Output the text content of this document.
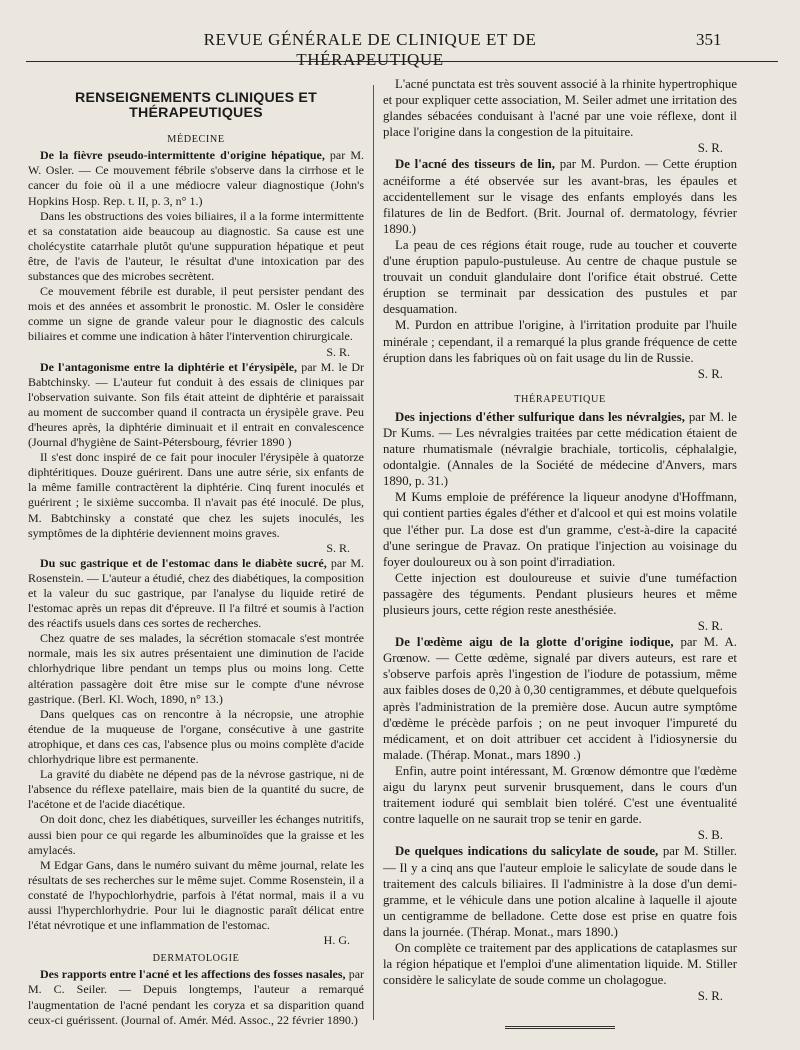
REVUE GÉNÉRALE DE CLINIQUE ET DE THÉRAPEUTIQUE
351
RENSEIGNEMENTS CLINIQUES ET THÉRAPEUTIQUES
MÉDECINE

De la fièvre pseudo-intermittente d'origine hépatique, par M. W. Osler. — Ce mouvement fébrile s'observe dans la cirrhose et le cancer du foie où il a une médiocre valeur diagnostique (John's Hopkins Hosp. Rep. t. II, p. 3, n° 1.)

Dans les obstructions des voies biliaires, il a la forme intermittente et sa constatation aide beaucoup au diagnostic. Sa cause est une cholécystite catarrhale plutôt qu'une suppuration hépatique et peut être, de l'avis de l'auteur, le résultat d'une intoxication par des substances que des microbes secrètent.

Ce mouvement fébrile est durable, il peut persister pendant des mois et des années et assombrit le pronostic. M. Osler le considère comme un signe de grande valeur pour le diagnostic des calculs biliaires et comme une indication à hâter l'intervention chirurgicale.

S. R.

De l'antagonisme entre la diphtérie et l'érysipèle, par M. le Dr Babtchinsky. — L'auteur fut conduit à des essais de cliniques par l'observation suivante. Son fils était atteint de diphtérie et paraissait au moment de succomber quand il contracta un érysipèle grave. Peu d'heures après, la diphtérie diminuait et il entrait en convalescence (Journal d'hygiène de Saint-Pétersbourg, février 1890 )

Il s'est donc inspiré de ce fait pour inoculer l'érysipèle à quatorze diphtéritiques. Douze guérirent. Dans une autre série, six enfants de la même famille contractèrent la diphtérie. Cinq furent inoculés et guérirent ; le sixième succomba. Il n'avait pas été inoculé. De plus, M. Babtchinsky a constaté que chez les sujets inoculés, les symptômes de la diphtérie deviennent moins graves.

S. R.

Du suc gastrique et de l'estomac dans le diabète sucré, par M. Rosenstein. — L'auteur a étudié, chez des diabétiques, la composition et la valeur du suc gastrique, par l'analyse du liquide retiré de l'estomac après un repas dit d'épreuve. Il l'a filtré et soumis à l'action des réactifs usuels dans ces sortes de recherches.

Chez quatre de ses malades, la sécrétion stomacale s'est montrée normale, mais les six autres présentaient une diminution de l'acide chlorhydrique libre pendant un temps plus ou moins long. Cette altération passagère doit être mise sur le compte d'une névrose gastrique. (Berl. Kl. Woch, 1890, n° 13.)

Dans quelques cas on rencontre à la nécropsie, une atrophie étendue de la muqueuse de l'organe, consécutive à une gastrite atrophique, et dans ces cas, l'absence plus ou moins complète d'acide chlorhydrique libre est permanente.

La gravité du diabète ne dépend pas de la névrose gastrique, ni de l'absence du réflexe patellaire, mais bien de la quantité du sucre, de l'acétone et de l'acide diacétique.

On doit donc, chez les diabétiques, surveiller les échanges nutritifs, aussi bien pour ce qui regarde les albuminoïdes que la graisse et les amylacés.

M Edgar Gans, dans le numéro suivant du même journal, relate les résultats de ses recherches sur le même sujet. Comme Rosenstein, il a constaté de l'hypochlorhydrie, parfois à l'état normal, mais il a vu aussi l'hyperchlorhydrie. Pour lui le diagnostic paraît délicat entre l'état névrotique et une inflammation de l'estomac.

H. G.
DERMATOLOGIE

Des rapports entre l'acné et les affections des fosses nasales, par M. C. Seiler. — Depuis longtemps, l'auteur a remarqué l'augmentation de l'acné pendant les coryza et sa disparition quand ceux-ci guérissent. (Journal of. Amér. Méd. Assoc., 22 février 1890.)

L'acné punctata est très souvent associé à la rhinite hypertrophique et pour expliquer cette association, M. Seiler admet une irritation des glandes sébacées conduisant à l'acné par une voie réflexe, dont il place l'origine dans la congestion de la pituitaire.

S. R.

De l'acné des tisseurs de lin, par M. Purdon. — Cette éruption acnéiforme a été observée sur les avant-bras, les épaules et accidentellement sur le visage des enfants employés dans les filatures de lin de Bedfort. (Brit. Journal of. dermatology, février 1890.)

La peau de ces régions était rouge, rude au toucher et couverte d'une éruption papulo-pustuleuse. Au centre de chaque pustule se trouvait un conduit glandulaire dont l'orifice était obstrué. Cette éruption se terminait par dessication des pustules et par desquamation.

M. Purdon en attribue l'origine, à l'irritation produite par l'huile minérale ; cependant, il a remarqué la plus grande fréquence de cette éruption dans les fabriques où on fait usage du lin de Russie.

S. R.
THÉRAPEUTIQUE

Des injections d'éther sulfurique dans les névralgies, par M. le Dr Kums. — Les névralgies traitées par cette médication étaient de nature rhumatismale (névralgie brachiale, torticolis, céphalalgie, odontalgie. (Annales de la Société de médecine d'Anvers, mars 1890, p. 31.)

M Kums emploie de préférence la liqueur anodyne d'Hoffmann, qui contient parties égales d'éther et d'alcool et qui est moins volatile que l'éther pur. La dose est d'un gramme, c'est-à-dire la capacité d'une seringue de Pravaz. On pratique l'injection au voisinage du foyer douloureux ou à son point d'irradiation.

Cette injection est douloureuse et suivie d'une tuméfaction passagère des téguments. Pendant plusieurs heures et même plusieurs jours, cette région reste anesthésiée.

S. R.

De l'œdème aigu de la glotte d'origine iodique, par M. A. Grœnow. — Cette œdème, signalé par divers auteurs, est rare et s'observe parfois après l'ingestion de l'iodure de potassium, même aux faibles doses de 0,20 à 0,30 centigrammes, et débute quelquefois après l'administration de la première dose. Aucun autre symptôme d'œdème le précède parfois ; on ne peut invoquer l'impureté du médicament, et on doit attribuer cet accident à l'idiosynersie du malade. (Thérap. Monat., mars 1890 .)

Enfin, autre point intéressant, M. Grœnow démontre que l'œdème aigu du larynx peut survenir brusquement, dans le cours d'un traitement ioduré qui semblait bien toléré. C'est une éventualité contre laquelle on ne saurait trop se tenir en garde.

S. B.

De quelques indications du salicylate de soude, par M. Stiller. — Il y a cinq ans que l'auteur emploie le salicylate de soude dans le traitement des calculs biliaires. Il l'administre à la dose d'un demi-gramme, et le véhicule dans une potion alcaline à laquelle il ajoute un centigramme de belladone. Cette dose est prise en quatre fois dans la journée. (Thérap. Monat., mars 1890.)

On complète ce traitement par des applications de cataplasmes sur la région hépatique et l'emploi d'une alimentation liquide. M. Stiller considère le salicylate de soude comme un cholagogue.

S. R.
